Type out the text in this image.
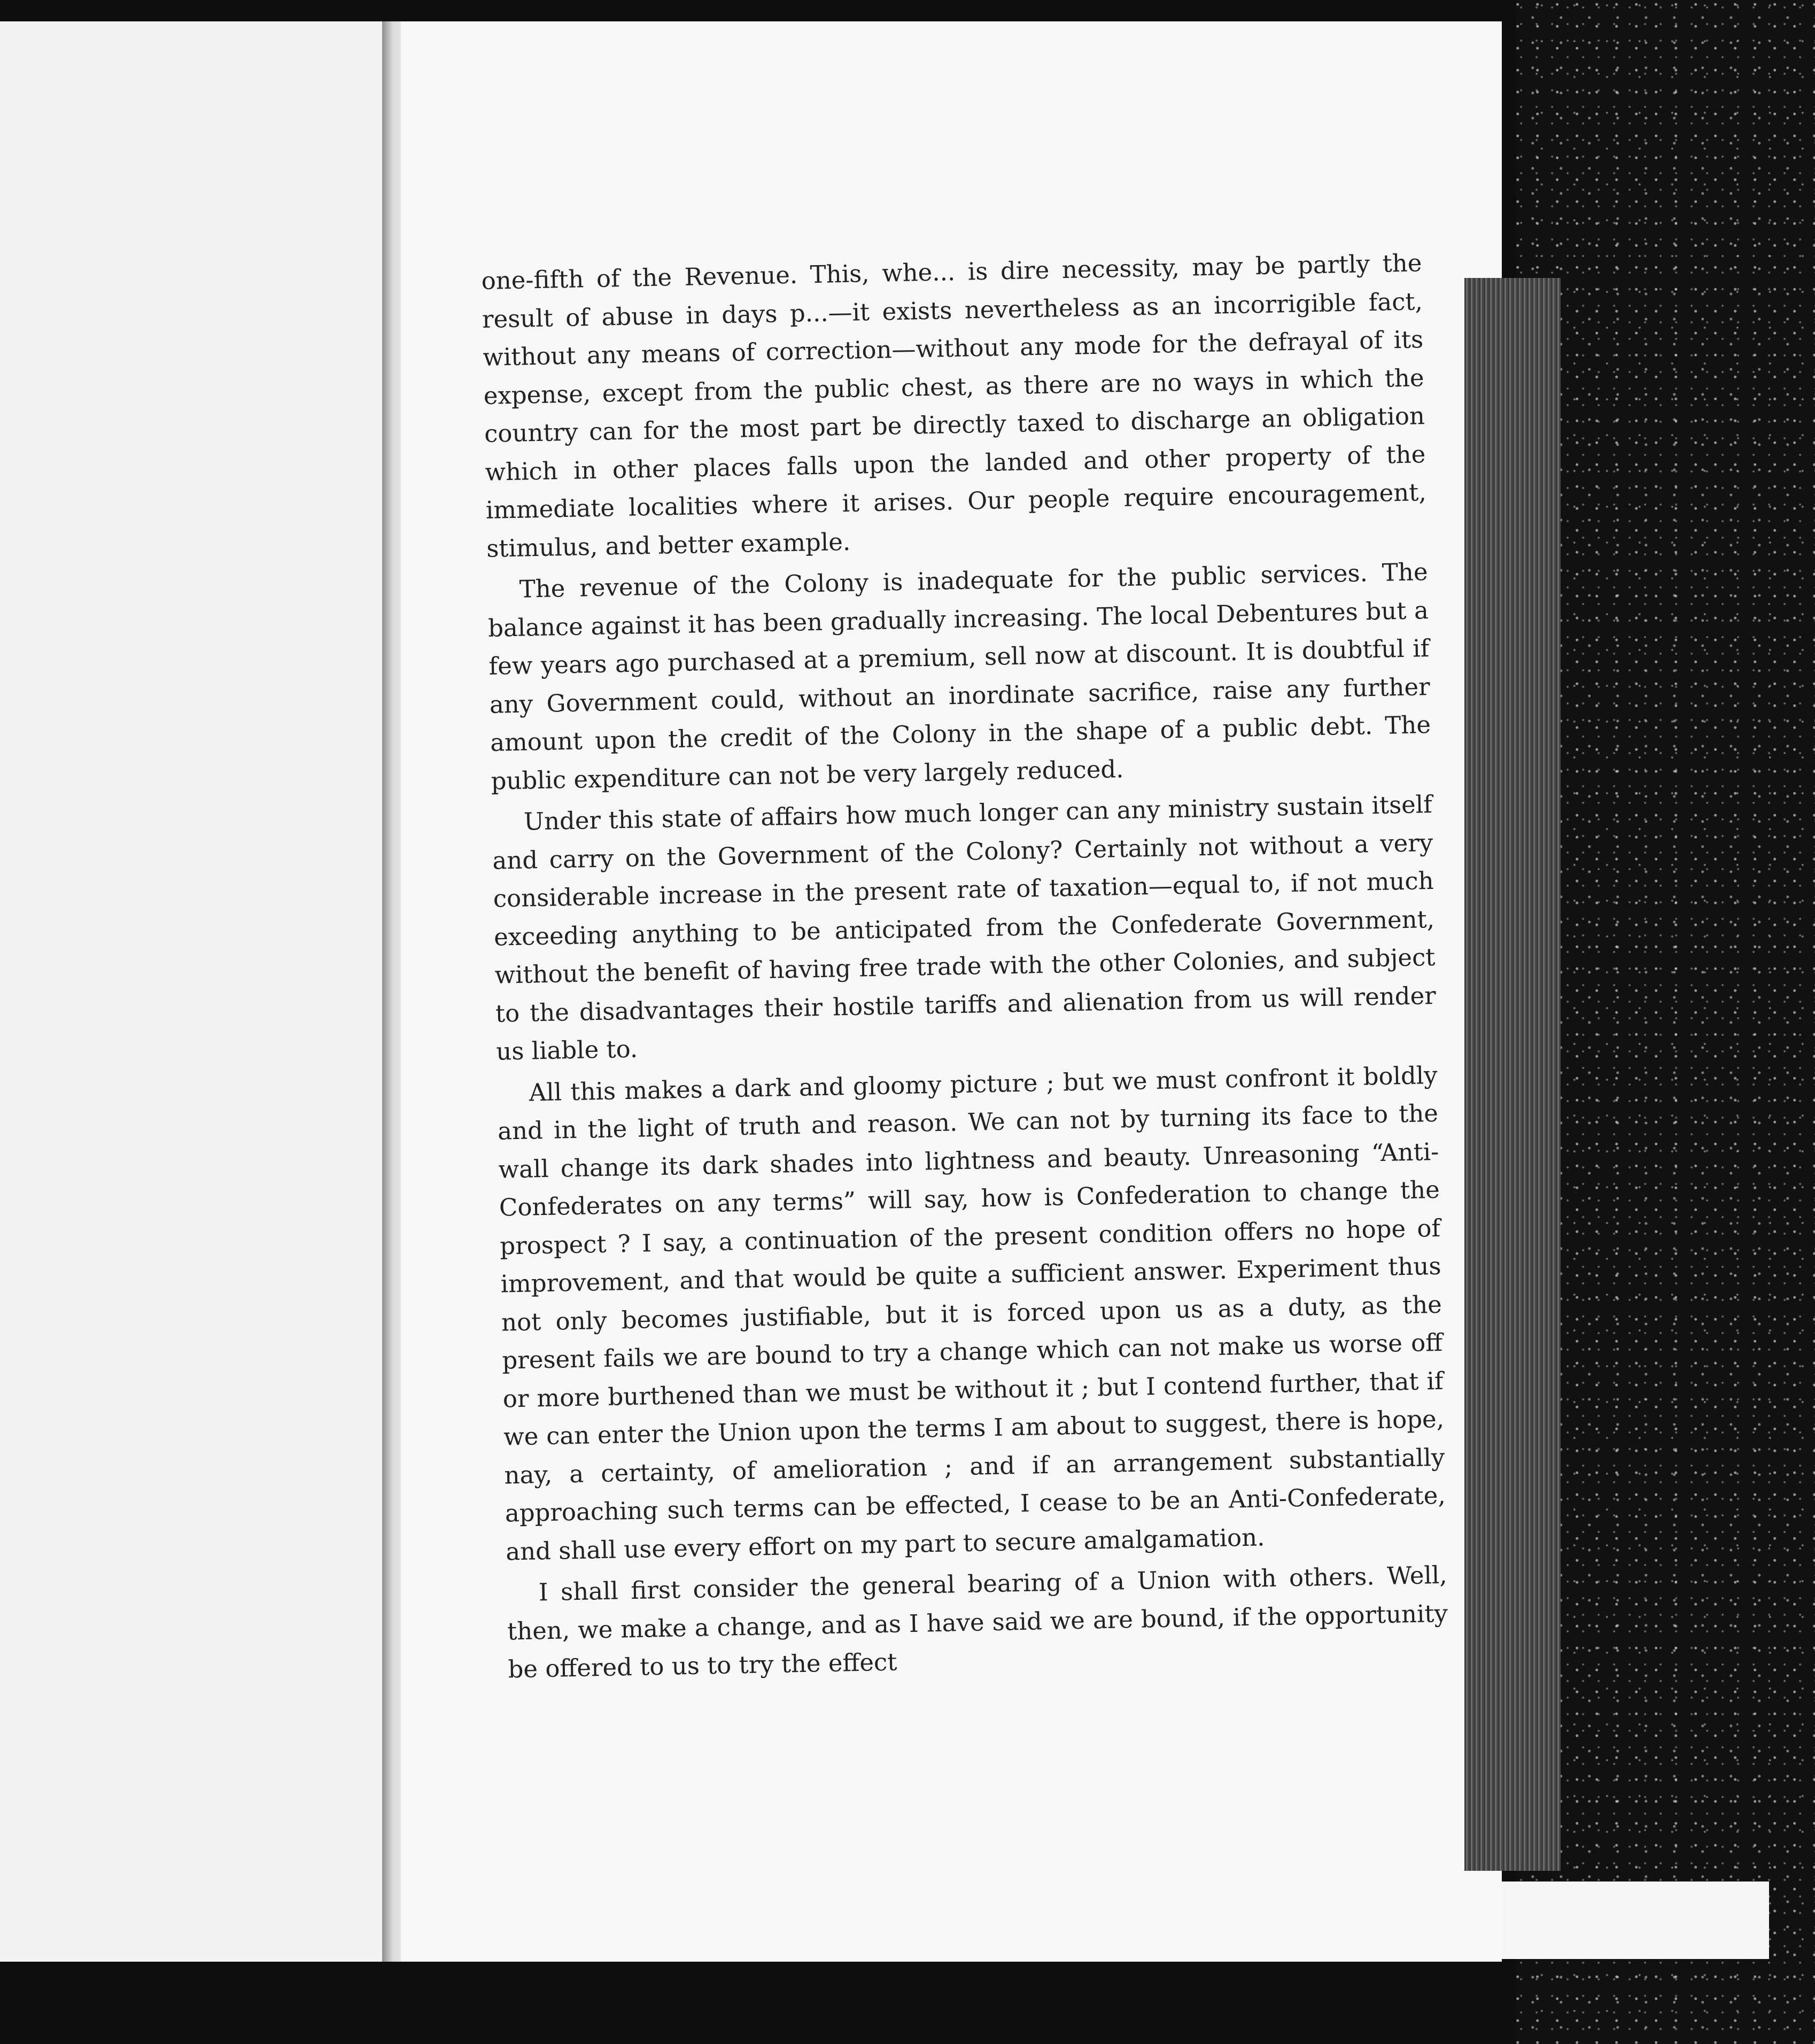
one-fifth of the Revenue. This, whe... is dire necessity, may be partly the result of abuse in days p...—it exists nevertheless as an incorrigible fact, without any means of correction—without any mode for the defrayal of its expense, except from the public chest, as there are no ways in which the country can for the most part be directly taxed to discharge an obligation which in other places falls upon the landed and other property of the immediate localities where it arises. Our people require encouragement, stimulus, and better example.

The revenue of the Colony is inadequate for the public services. The balance against it has been gradually increasing. The local Debentures but a few years ago purchased at a premium, sell now at discount. It is doubtful if any Government could, without an inordinate sacrifice, raise any further amount upon the credit of the Colony in the shape of a public debt. The public expenditure can not be very largely reduced.

Under this state of affairs how much longer can any ministry sustain itself and carry on the Government of the Colony? Certainly not without a very considerable increase in the present rate of taxation—equal to, if not much exceeding anything to be anticipated from the Confederate Government, without the benefit of having free trade with the other Colonies, and subject to the disadvantages their hostile tariffs and alienation from us will render us liable to.

All this makes a dark and gloomy picture ; but we must confront it boldly and in the light of truth and reason. We can not by turning its face to the wall change its dark shades into lightness and beauty. Unreasoning “Anti-Confederates on any terms” will say, how is Confederation to change the prospect ? I say, a continuation of the present condition offers no hope of improvement, and that would be quite a sufficient answer. Experiment thus not only becomes justifiable, but it is forced upon us as a duty, as the present fails we are bound to try a change which can not make us worse off or more burthened than we must be without it ; but I contend further, that if we can enter the Union upon the terms I am about to suggest, there is hope, nay, a certainty, of amelioration ; and if an arrangement substantially approaching such terms can be effected, I cease to be an Anti-Confederate, and shall use every effort on my part to secure amalgamation.

I shall first consider the general bearing of a Union with others. Well, then, we make a change, and as I have said we are bound, if the opportunity be offered to us to try the effect
